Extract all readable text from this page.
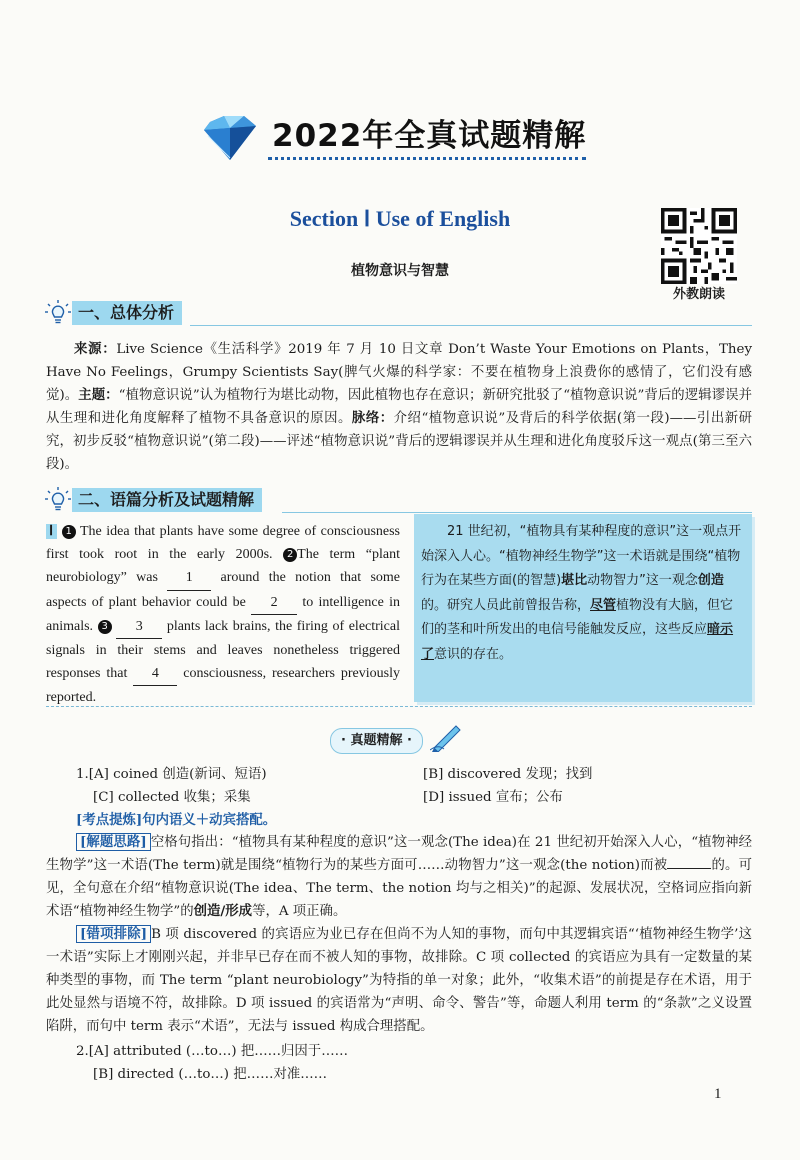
2022年全真试题精解
Section Ⅰ Use of English
植物意识与智慧
外教朗读
一、总体分析
来源：Live Science《生活科学》2019 年 7 月 10 日文章 Don’t Waste Your Emotions on Plants，They Have No Feelings，Grumpy Scientists Say(脾气火爆的科学家：不要在植物身上浪费你的感情了，它们没有感觉)。主题：“植物意识说”认为植物行为堪比动物，因此植物也存在意识；新研究批驳了“植物意识说”背后的逻辑谬误并从生理和进化角度解释了植物不具备意识的原因。脉络：介绍“植物意识说”及背后的科学依据(第一段)——引出新研究，初步反驳“植物意识说”(第二段)——评述“植物意识说”背后的逻辑谬误并从生理和进化角度驳斥这一观点(第三至六段)。
二、语篇分析及试题精解
Ⅰ 1 The idea that plants have some degree of consciousness first took root in the early 2000s. 2 The term “plant neurobiology” was 1 around the notion that some aspects of plant behavior could be 2 to intelligence in animals. 3 3 plants lack brains, the firing of electrical signals in their stems and leaves nonetheless triggered responses that 4 consciousness, researchers previously reported.
21 世纪初，“植物具有某种程度的意识”这一观点开始深入人心。“植物神经生物学”这一术语就是围绕“植物行为在某些方面(的智慧)堪比动物智力”这一观念创造的。研究人员此前曾报告称，尽管植物没有大脑，但它们的茎和叶所发出的电信号能触发反应，这些反应暗示了意识的存在。
· 真题精解 ·
1.[A] coined 创造(新词、短语)	[B] discovered 发现；找到
[C] collected 收集；采集	[D] issued 宣布；公布
[考点提炼]句内语义＋动宾搭配。
[解题思路] 空格句指出：“植物具有某种程度的意识”这一观念(The idea)在 21 世纪初开始深入人心，“植物神经生物学”这一术语(The term)就是围绕“植物行为的某些方面可……动物智力”这一观念(the notion)而被	的。可见，全句意在介绍“植物意识说(The idea、The term、the notion 均与之相关)”的起源、发展状况，空格词应指向新术语“植物神经生物学”的创造/形成等，A 项正确。
[错项排除] B 项 discovered 的宾语应为业已存在但尚不为人知的事物，而句中其逻辑宾语“‘植物神经生物学’这一术语”实际上才刚刚兴起，并非早已存在而不被人知的事物，故排除。C 项 collected 的宾语应为具有一定数量的某种类型的事物，而 The term “plant neurobiology”为特指的单一对象；此外，“收集术语”的前提是存在术语，用于此处显然与语境不符，故排除。D 项 issued 的宾语常为“声明、命令、警告”等，命题人利用 term 的“条款”之义设置陷阱，而句中 term 表示“术语”，无法与 issued 构成合理搭配。
2.[A] attributed (…to…) 把……归因于……
[B] directed (…to…) 把……对准……
1
